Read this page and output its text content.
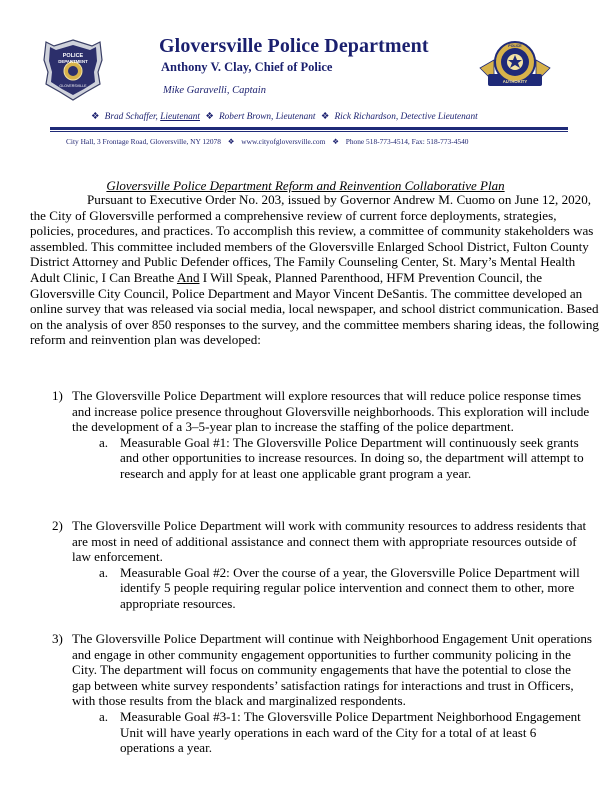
POLICE
DEPARTMENT
GLOVERSVILLE
AUTHORITY
POLICE
Gloversville Police Department
Anthony V. Clay, Chief of Police
Mike Garavelli, Captain
❖ Brad Schaffer, Lieutenant ❖ Robert Brown, Lieutenant ❖ Rick Richardson, Detective Lieutenant
City Hall, 3 Frontage Road, Gloversville, NY 12078 ❖ www.cityofgloversville.com ❖ Phone 518-773-4514, Fax: 518-773-4540
Gloversville Police Department Reform and Reinvention Collaborative Plan
Pursuant to Executive Order No. 203, issued by Governor Andrew M. Cuomo on June 12, 2020, the City of Gloversville performed a comprehensive review of current force deployments, strategies, policies, procedures, and practices. To accomplish this review, a committee of community stakeholders was assembled. This committee included members of the Gloversville Enlarged School District, Fulton County District Attorney and Public Defender offices, The Family Counseling Center, St. Mary’s Mental Health Adult Clinic, I Can Breathe And I Will Speak, Planned Parenthood, HFM Prevention Council, the Gloversville City Council, Police Department and Mayor Vincent DeSantis. The committee developed an online survey that was released via social media, local newspaper, and school district communication. Based on the analysis of over 850 responses to the survey, and the committee members sharing ideas, the following reform and reinvention plan was developed:
1) The Gloversville Police Department will explore resources that will reduce police response times and increase police presence throughout Gloversville neighborhoods. This exploration will include the development of a 3–5-year plan to increase the staffing of the police department.
a. Measurable Goal #1: The Gloversville Police Department will continuously seek grants and other opportunities to increase resources. In doing so, the department will attempt to research and apply for at least one applicable grant program a year.
2) The Gloversville Police Department will work with community resources to address residents that are most in need of additional assistance and connect them with appropriate resources outside of law enforcement.
a. Measurable Goal #2: Over the course of a year, the Gloversville Police Department will identify 5 people requiring regular police intervention and connect them to other, more appropriate resources.
3) The Gloversville Police Department will continue with Neighborhood Engagement Unit operations and engage in other community engagement opportunities to further community policing in the City. The department will focus on community engagements that have the potential to close the gap between white survey respondents’ satisfaction ratings for interactions and trust in Officers, with those results from the black and marginalized respondents.
a. Measurable Goal #3-1: The Gloversville Police Department Neighborhood Engagement Unit will have yearly operations in each ward of the City for a total of at least 6 operations a year.
